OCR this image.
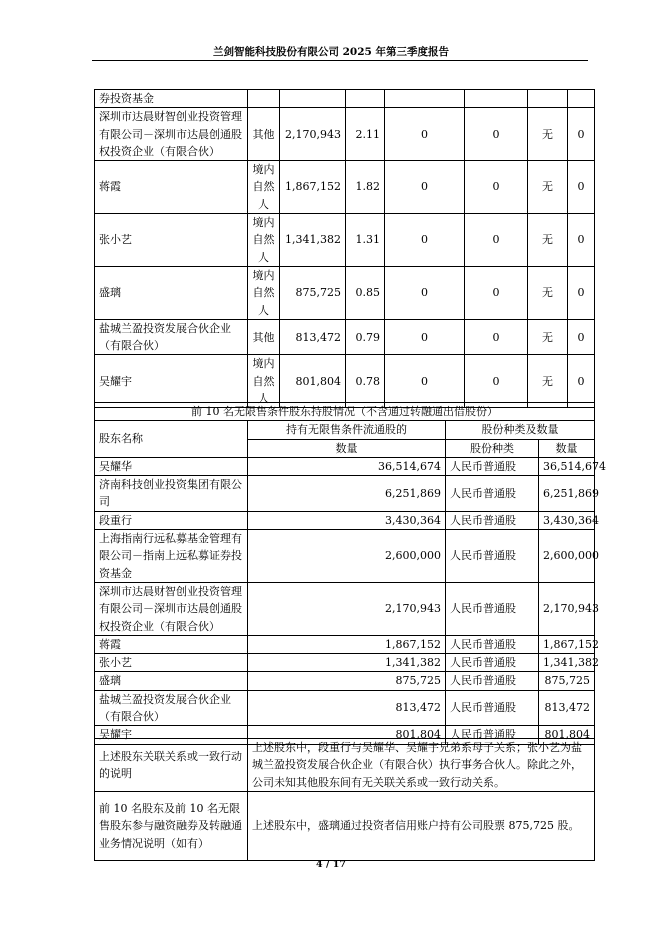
兰剑智能科技股份有限公司 2025 年第三季度报告
券投资基金							
深圳市达晨财智创业投资管理有限公司－深圳市达晨创通股权投资企业（有限合伙）	其他	2,170,943	2.11	0	0	无	0
蒋霞	境内自然人	1,867,152	1.82	0	0	无	0
张小艺	境内自然人	1,341,382	1.31	0	0	无	0
盛璃	境内自然人	875,725	0.85	0	0	无	0
盐城兰盈投资发展合伙企业（有限合伙）	其他	813,472	0.79	0	0	无	0
吴耀宇	境内自然人	801,804	0.78	0	0	无	0
前 10 名无限售条件股东持股情况（不含通过转融通出借股份）			
股东名称	持有无限售条件流通股的	股份种类及数量	
	数量	股份种类	数量
吴耀华	36,514,674	人民币普通股	36,514,674
济南科技创业投资集团有限公司	6,251,869	人民币普通股	6,251,869
段重行	3,430,364	人民币普通股	3,430,364
上海指南行远私募基金管理有限公司－指南上远私募证券投资基金	2,600,000	人民币普通股	2,600,000
深圳市达晨财智创业投资管理有限公司－深圳市达晨创通股权投资企业（有限合伙）	2,170,943	人民币普通股	2,170,943
蒋霞	1,867,152	人民币普通股	1,867,152
张小艺	1,341,382	人民币普通股	1,341,382
盛璃	875,725	人民币普通股	875,725
盐城兰盈投资发展合伙企业（有限合伙）	813,472	人民币普通股	813,472
吴耀宇	801,804	人民币普通股	801,804
上述股东关联关系或一致行动的说明	上述股东中，段重行与吴耀华、吴耀宇兄弟系母子关系；张小艺为盐城兰盈投资发展合伙企业（有限合伙）执行事务合伙人。除此之外，公司未知其他股东间有无关联关系或一致行动关系。
前 10 名股东及前 10 名无限售股东参与融资融券及转融通业务情况说明（如有）	上述股东中，盛璃通过投资者信用账户持有公司股票 875,725 股。
4 / 17
